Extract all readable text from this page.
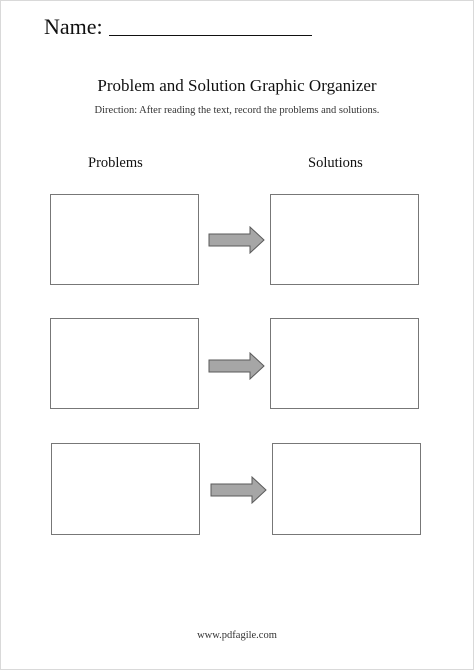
Name:
Problem and Solution Graphic Organizer
Direction: After reading the text, record the problems and solutions.
Problems	Solutions
www.pdfagile.com
